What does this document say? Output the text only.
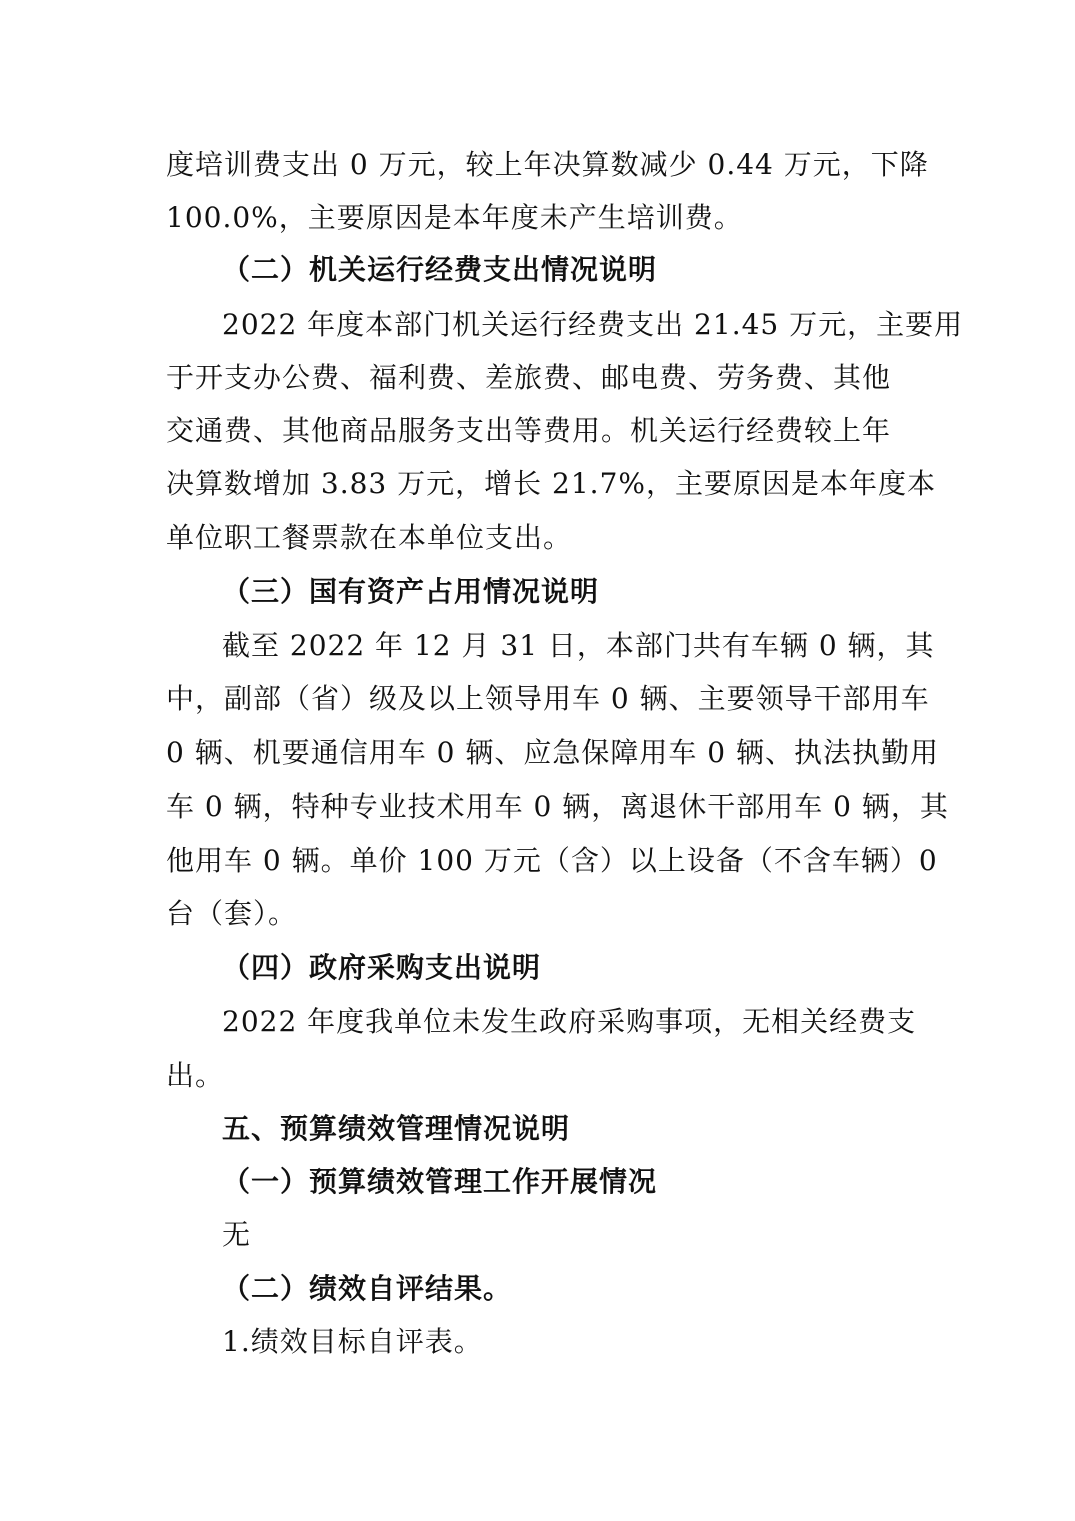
度培训费支出 0 万元，较上年决算数减少 0.44 万元，下降
100.0%，主要原因是本年度未产生培训费。
（二）机关运行经费支出情况说明
2022 年度本部门机关运行经费支出 21.45 万元，主要用
于开支办公费、福利费、差旅费、邮电费、劳务费、其他
交通费、其他商品服务支出等费用。机关运行经费较上年
决算数增加 3.83 万元，增长 21.7%，主要原因是本年度本
单位职工餐票款在本单位支出。
（三）国有资产占用情况说明
截至 2022 年 12 月 31 日，本部门共有车辆 0 辆，其
中，副部（省）级及以上领导用车 0 辆、主要领导干部用车
0 辆、机要通信用车 0 辆、应急保障用车 0 辆、执法执勤用
车 0 辆，特种专业技术用车 0 辆，离退休干部用车 0 辆，其
他用车 0 辆。单价 100 万元（含）以上设备（不含车辆）0
台（套）。
（四）政府采购支出说明
2022 年度我单位未发生政府采购事项，无相关经费支
出。
五、预算绩效管理情况说明
（一）预算绩效管理工作开展情况
无
（二）绩效自评结果。
1.绩效目标自评表。
